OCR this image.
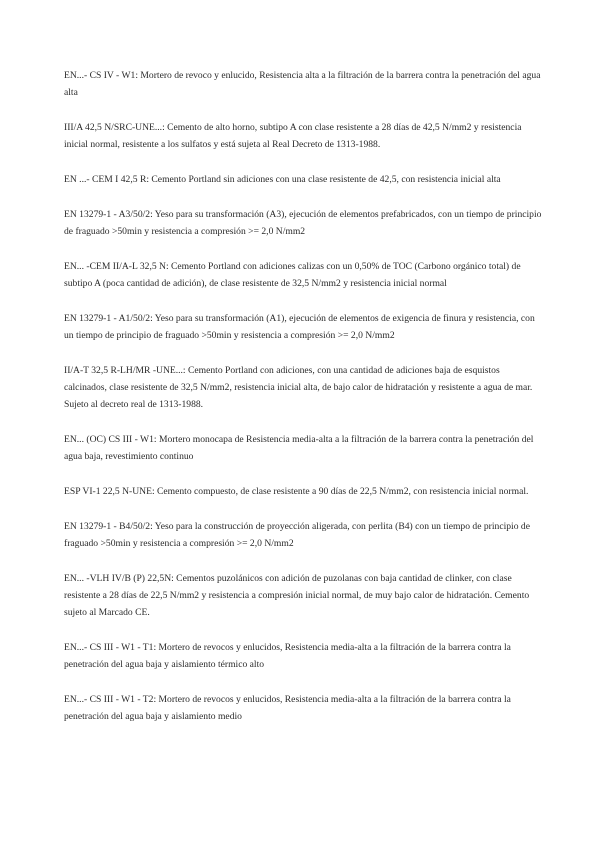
EN...- CS IV - W1: Mortero de revoco y enlucido, Resistencia alta a la filtración de la barrera contra la penetración del agua alta

III/A 42,5 N/SRC-UNE...: Cemento de alto horno, subtipo A con clase resistente a 28 días de 42,5 N/mm2 y resistencia inicial normal, resistente a los sulfatos y está sujeta al Real Decreto de 1313-1988.

EN ...- CEM I 42,5 R: Cemento Portland sin adiciones con una clase resistente de 42,5, con resistencia inicial alta

EN 13279-1 - A3/50/2: Yeso para su transformación (A3), ejecución de elementos prefabricados, con un tiempo de principio de fraguado >50min y resistencia a compresión >= 2,0 N/mm2

EN... -CEM II/A-L 32,5 N: Cemento Portland con adiciones calizas con un 0,50% de TOC (Carbono orgánico total) de subtipo A (poca cantidad de adición), de clase resistente de 32,5 N/mm2 y resistencia inicial normal

EN 13279-1 - A1/50/2: Yeso para su transformación (A1), ejecución de elementos de exigencia de finura y resistencia, con un tiempo de principio de fraguado >50min y resistencia a compresión >= 2,0 N/mm2

II/A-T 32,5 R-LH/MR -UNE...: Cemento Portland con adiciones, con una cantidad de adiciones baja de esquistos calcinados, clase resistente de 32,5 N/mm2, resistencia inicial alta, de bajo calor de hidratación y resistente a agua de mar. Sujeto al decreto real de 1313-1988.

EN... (OC) CS III - W1: Mortero monocapa de Resistencia media-alta a la filtración de la barrera contra la penetración del agua baja, revestimiento continuo

ESP VI-1 22,5 N-UNE: Cemento compuesto, de clase resistente a 90 días de 22,5 N/mm2, con resistencia inicial normal.

EN 13279-1 - B4/50/2: Yeso para la construcción de proyección aligerada, con perlita (B4) con un tiempo de principio de fraguado >50min y resistencia a compresión >= 2,0 N/mm2

EN... -VLH IV/B (P) 22,5N: Cementos puzolánicos con adición de puzolanas con baja cantidad de clinker, con clase resistente a 28 días de 22,5 N/mm2 y resistencia a compresión inicial normal, de muy bajo calor de hidratación. Cemento sujeto al Marcado CE.

EN...- CS III - W1 - T1: Mortero de revocos y enlucidos, Resistencia media-alta a la filtración de la barrera contra la penetración del agua baja y aislamiento térmico alto

EN...- CS III - W1 - T2: Mortero de revocos y enlucidos, Resistencia media-alta a la filtración de la barrera contra la penetración del agua baja y aislamiento medio
